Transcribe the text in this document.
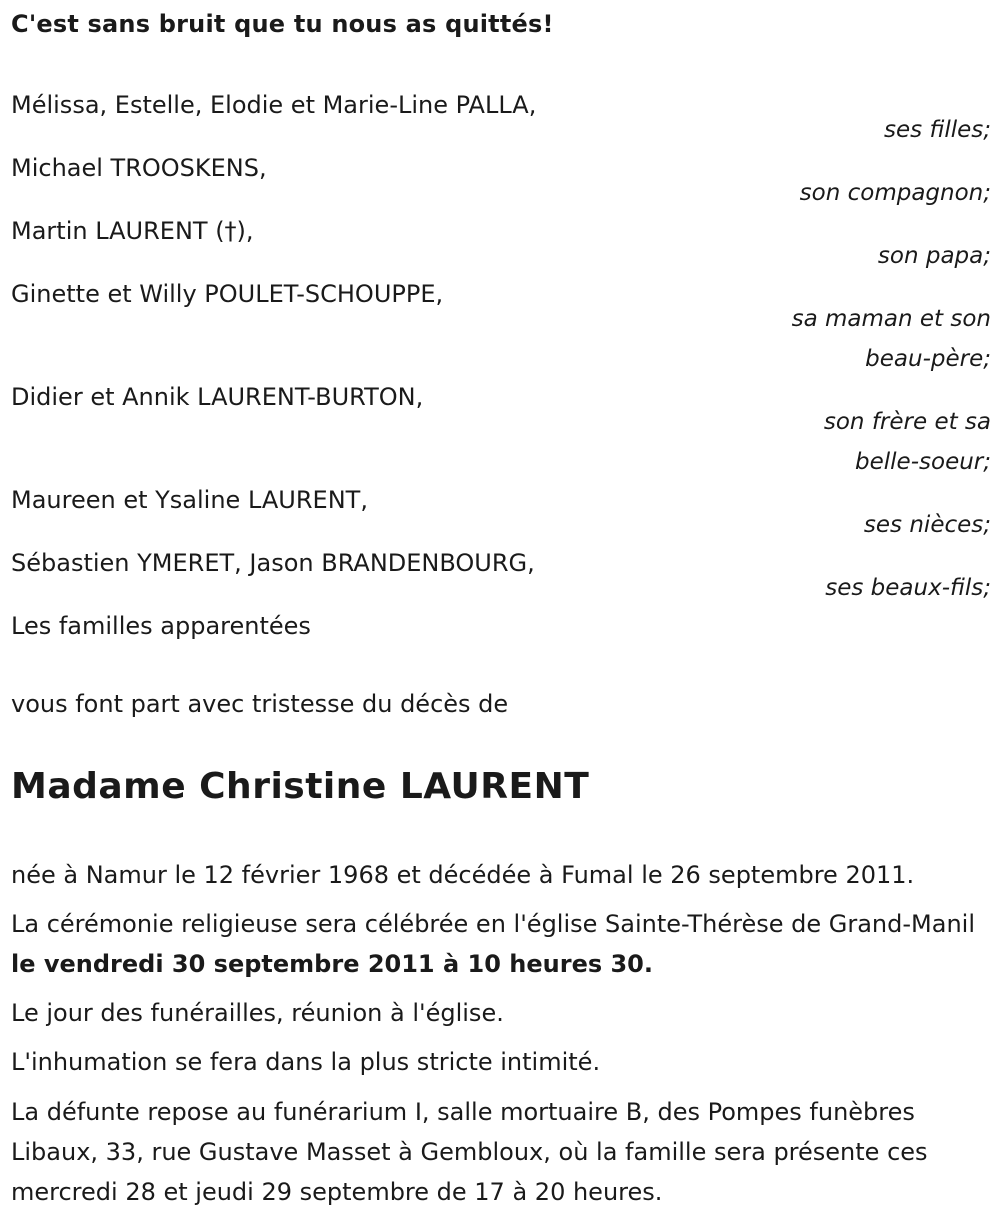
C'est sans bruit que tu nous as quittés!
Mélissa, Estelle, Elodie et Marie-Line PALLA,
ses filles;
Michael TROOSKENS,
son compagnon;
Martin LAURENT (†),
son papa;
Ginette et Willy POULET-SCHOUPPE,
sa maman et son beau-père;
Didier et Annik LAURENT-BURTON,
son frère et sa belle-soeur;
Maureen et Ysaline LAURENT,
ses nièces;
Sébastien YMERET, Jason BRANDENBOURG,
ses beaux-fils;
Les familles apparentées
vous font part avec tristesse du décès de
Madame Christine LAURENT
née à Namur le 12 février 1968 et décédée à Fumal le 26 septembre 2011.
La cérémonie religieuse sera célébrée en l'église Sainte-Thérèse de Grand-Manil le vendredi 30 septembre 2011 à 10 heures 30.
Le jour des funérailles, réunion à l'église.
L'inhumation se fera dans la plus stricte intimité.
La défunte repose au funérarium I, salle mortuaire B, des Pompes funèbres Libaux, 33, rue Gustave Masset à Gembloux, où la famille sera présente ces mercredi 28 et jeudi 29 septembre de 17 à 20 heures.
